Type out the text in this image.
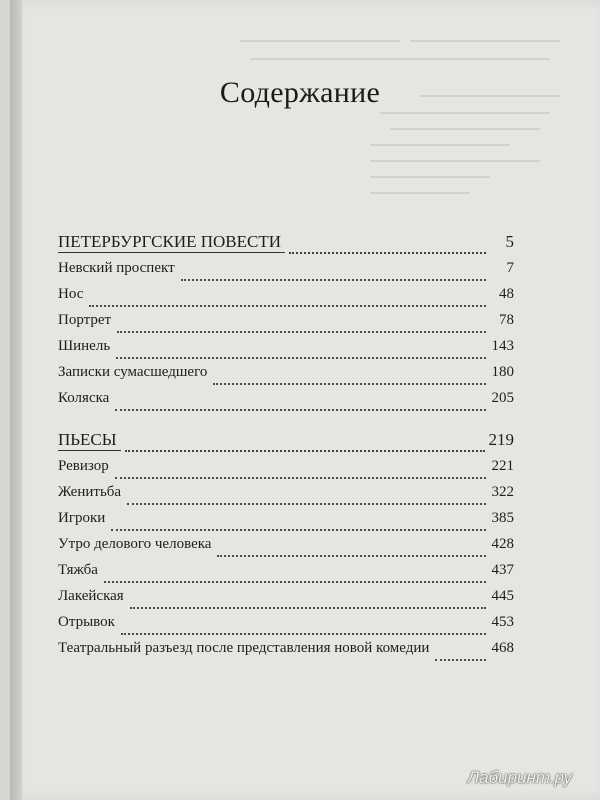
Содержание
ПЕТЕРБУРГСКИЕ ПОВЕСТИ	5
Невский проспект	7
Нос	48
Портрет	78
Шинель	143
Записки сумасшедшего	180
Коляска	205
ПЬЕСЫ	219
Ревизор	221
Женитьба	322
Игроки	385
Утро делового человека	428
Тяжба	437
Лакейская	445
Отрывок	453
Театральный разъезд после представления новой комедии	468
Лабиринт.ру
